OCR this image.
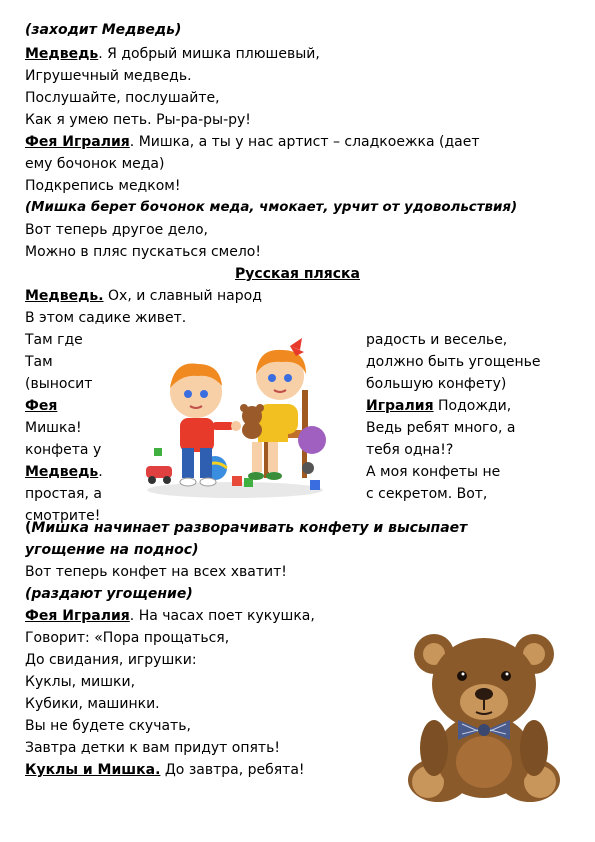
(заходит Медведь)
Медведь. Я добрый мишка плюшевый,
Игрушечный медведь.
Послушайте, послушайте,
Как я умею петь. Ры-ра-ры-ру!
Фея Игралия. Мишка, а ты у нас артист – сладкоежка (дает
ему бочонок меда)
Подкрепись медком!
(Мишка берет бочонок меда, чмокает, урчит от удовольствия)
Вот теперь другое дело,
Можно в пляс пускаться смело!
Русская пляска
Медведь. Ох, и славный народ
В этом садике живет.
Там где
Там
(выносит
Фея
Мишка!
конфета у
Медведь.
простая, а
смотрите!
радость и веселье,
должно быть угощенье
большую конфету)
Игралия Подожди,
Ведь ребят много, а
тебя одна!?
А моя конфеты не
с секретом. Вот,
(Мишка начинает разворачивать конфету и высыпает
угощение на поднос)
Вот теперь конфет на всех хватит!
(раздают угощение)
Фея Игралия. На часах поет кукушка,
Говорит: «Пора прощаться,
До свидания, игрушки:
Куклы, мишки,
Кубики, машинки.
Вы не будете скучать,
Завтра детки к вам придут опять!
Куклы и Мишка. До завтра, ребята!
